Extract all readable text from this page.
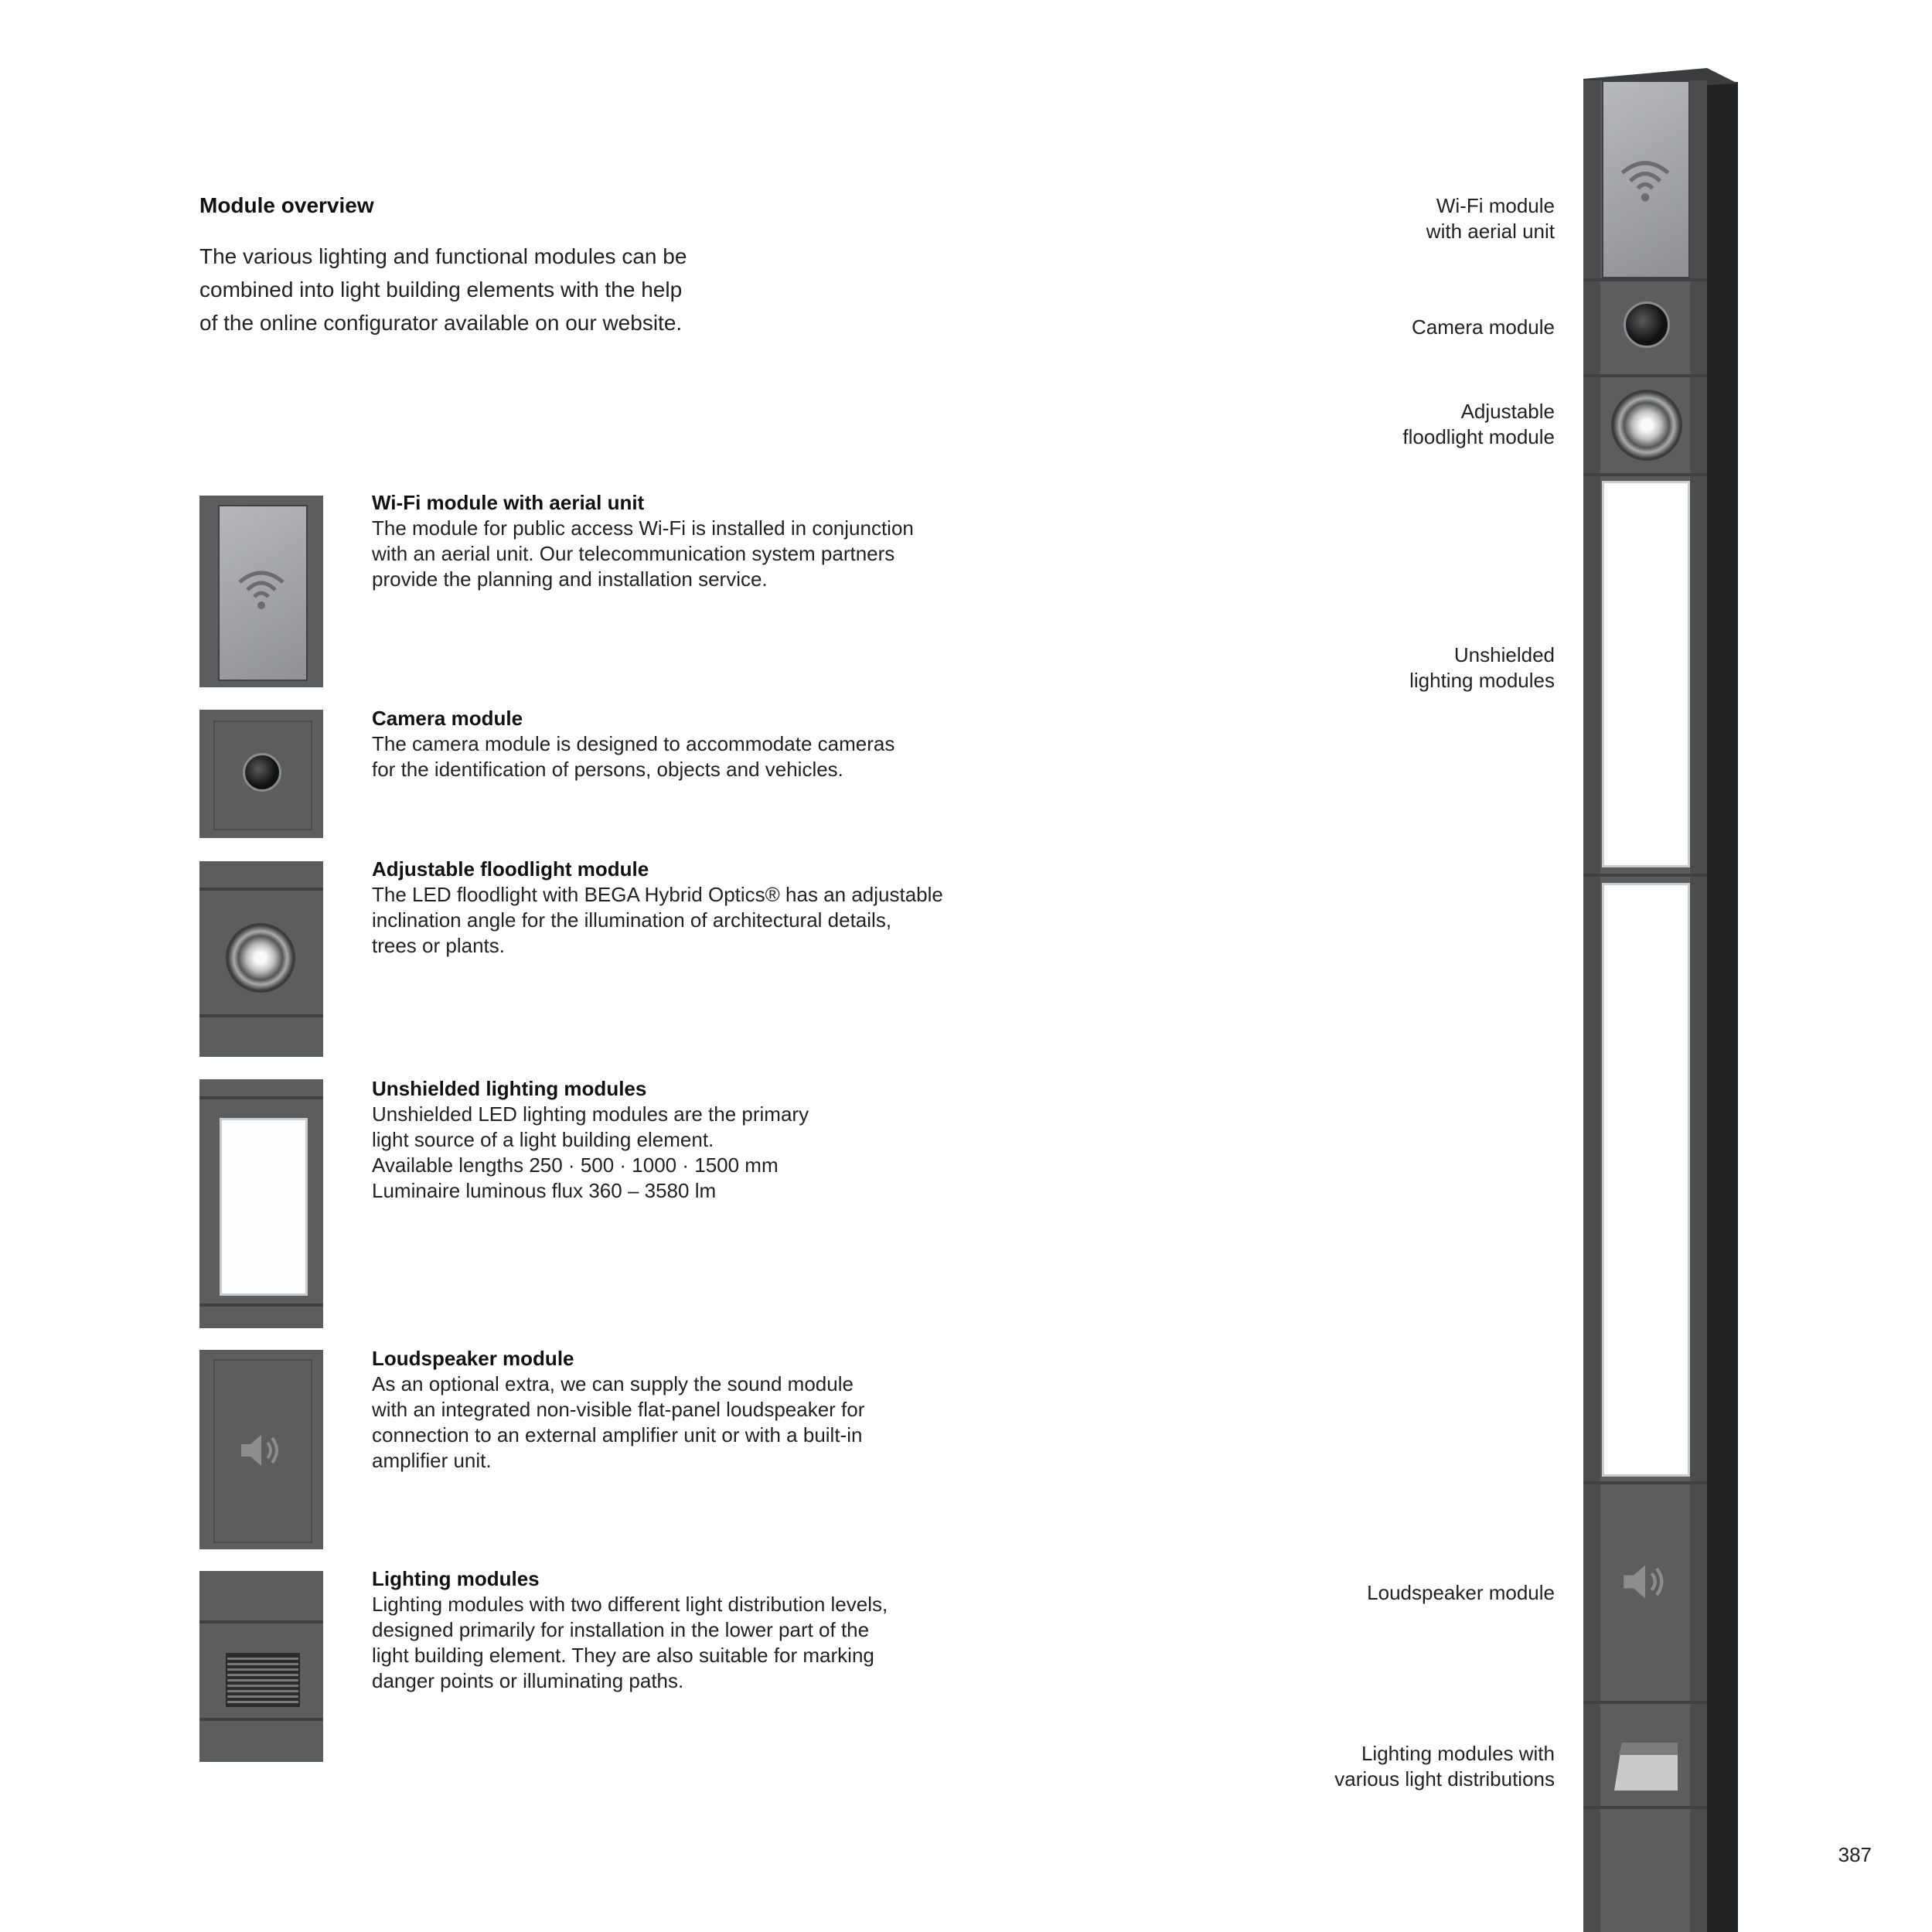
Module overview
The various lighting and functional modules can be
combined into light building elements with the help
of the online configurator available on our website.
Wi-Fi module with aerial unit
The module for public access Wi-Fi is installed in conjunction
with an aerial unit. Our telecommunication system partners
provide the planning and installation service.
Camera module
The camera module is designed to accommodate cameras
for the identification of persons, objects and vehicles.
Adjustable floodlight module
The LED floodlight with BEGA Hybrid Optics® has an adjustable
inclination angle for the illumination of architectural details,
trees or plants.
Unshielded lighting modules
Unshielded LED lighting modules are the primary
light source of a light building element.
Available lengths 250 · 500 · 1000 · 1500 mm
Luminaire luminous flux 360 – 3580 lm
Loudspeaker module
As an optional extra, we can supply the sound module
with an integrated non-visible flat-panel loudspeaker for
connection to an external amplifier unit or with a built-in
amplifier unit.
Lighting modules
Lighting modules with two different light distribution levels,
designed primarily for installation in the lower part of the
light building element. They are also suitable for marking
danger points or illuminating paths.
Wi-Fi module
with aerial unit
Camera module
Adjustable
floodlight module
Unshielded
lighting modules
Loudspeaker module
Lighting modules with
various light distributions
387
